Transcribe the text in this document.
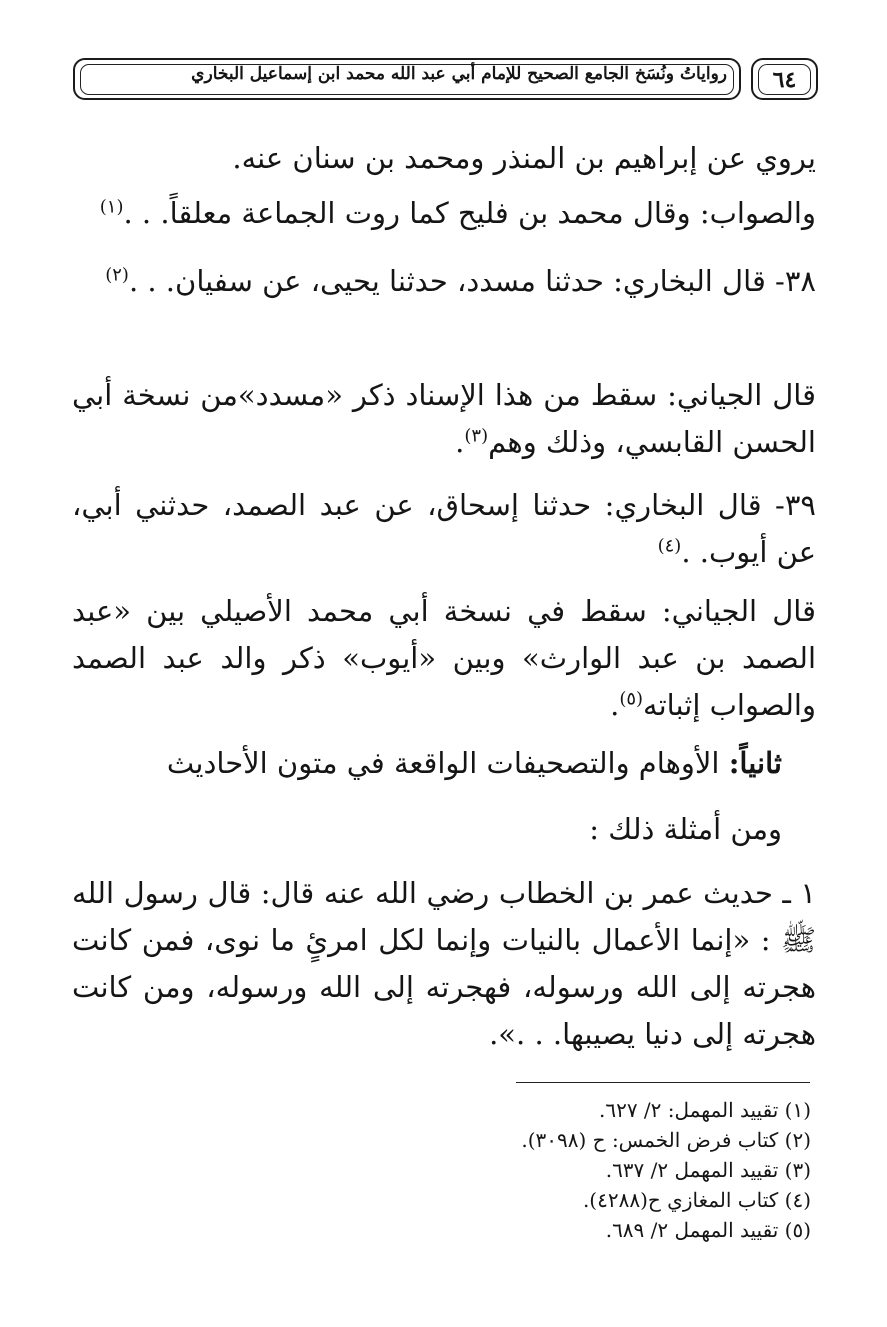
رواياتُ ونُسَخ الجامع الصحيح للإمام أبي عبد الله محمد ابن إسماعيل البخاري	٦٤
يروي عن إبراهيم بن المنذر ومحمد بن سنان عنه.
والصواب: وقال محمد بن فليح كما روت الجماعة معلقاً. . .$^{(١)}$
٣٨- قال البخاري: حدثنا مسدد، حدثنا يحيى، عن سفيان. . .$^{(٢)}$
قال الجياني: سقط من هذا الإسناد ذكر «مسدد»من نسخة أبي الحسن القابسي، وذلك وهم$^{(٣)}$.
٣٩- قال البخاري: حدثنا إسحاق، عن عبد الصمد، حدثني أبي، عن أيوب. .$^{(٤)}$
قال الجياني: سقط في نسخة أبي محمد الأصيلي بين «عبد الصمد بن عبد الوارث» وبين «أيوب» ذكر والد عبد الصمد والصواب إثباته$^{(٥)}$.
ثانياً: الأوهام والتصحيفات الواقعة في متون الأحاديث
ومن أمثلة ذلك :
١ ـ حديث عمر بن الخطاب رضي الله عنه قال: قال رسول الله ﷺ : «إنما الأعمال بالنيات وإنما لكل امرئٍ ما نوى، فمن كانت هجرته إلى الله ورسوله، فهجرته إلى الله ورسوله، ومن كانت هجرته إلى دنيا يصيبها. . .».
(١) تقييد المهمل: ٢/ ٦٢٧.
(٢) كتاب فرض الخمس: ح (٣٠٩٨).
(٣) تقييد المهمل ٢/ ٦٣٧.
(٤) كتاب المغازي ح(٤٢٨٨).
(٥) تقييد المهمل ٢/ ٦٨٩.
